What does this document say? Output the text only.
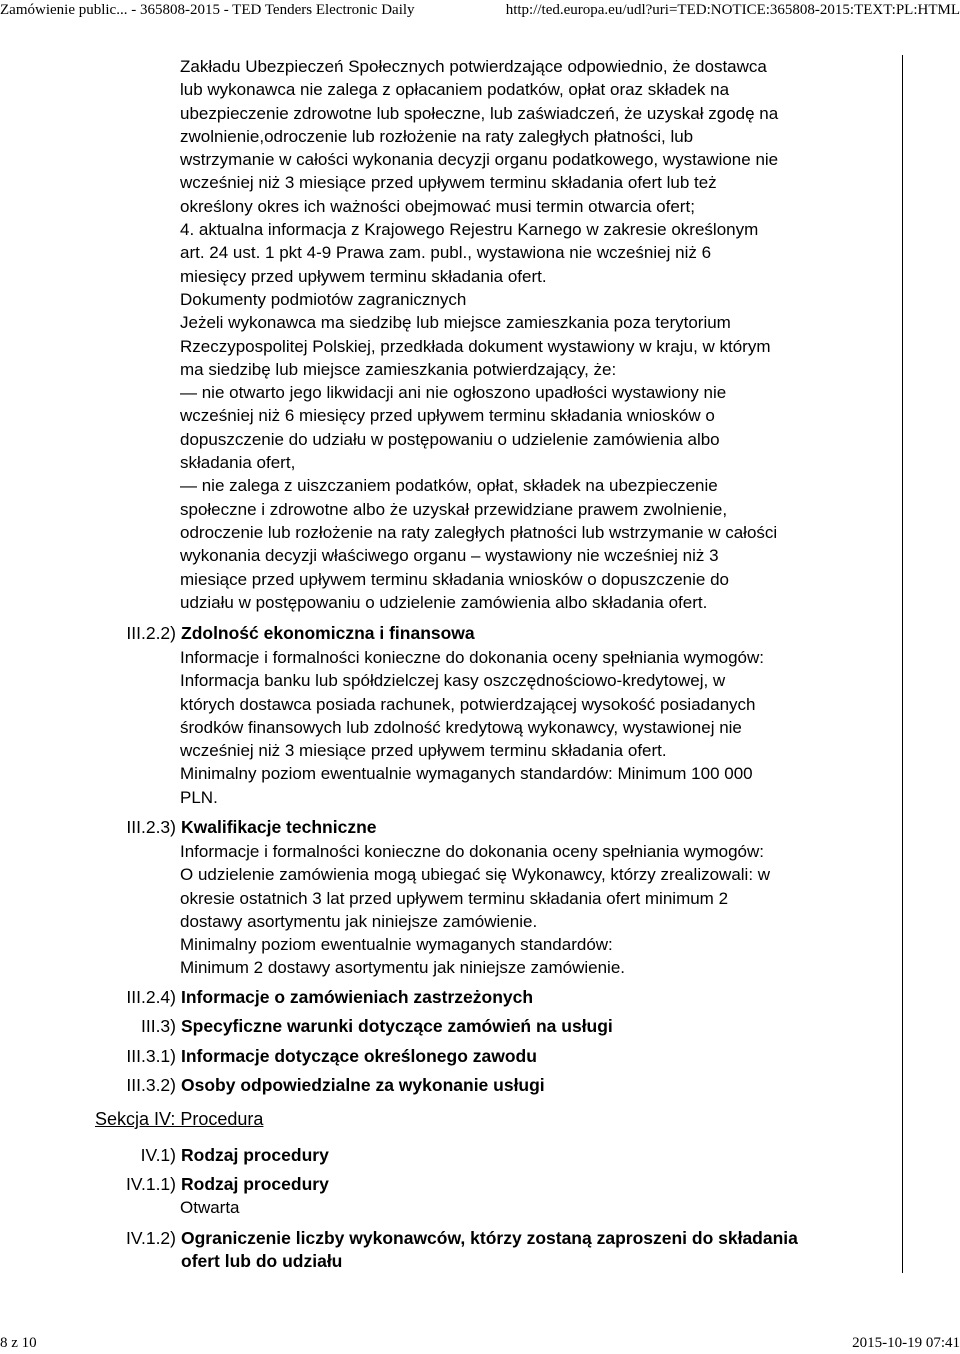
Zamówienie public... - 365808-2015 - TED Tenders Electronic Daily	http://ted.europa.eu/udl?uri=TED:NOTICE:365808-2015:TEXT:PL:HTML
Zakładu Ubezpieczeń Społecznych potwierdzające odpowiednio, że dostawca
lub wykonawca nie zalega z opłacaniem podatków, opłat oraz składek na
ubezpieczenie zdrowotne lub społeczne, lub zaświadczeń, że uzyskał zgodę na
zwolnienie,odroczenie lub rozłożenie na raty zaległych płatności, lub
wstrzymanie w całości wykonania decyzji organu podatkowego, wystawione nie
wcześniej niż 3 miesiące przed upływem terminu składania ofert lub też
określony okres ich ważności obejmować musi termin otwarcia ofert;
4. aktualna informacja z Krajowego Rejestru Karnego w zakresie określonym
art. 24 ust. 1 pkt 4-9 Prawa zam. publ., wystawiona nie wcześniej niż 6
miesięcy przed upływem terminu składania ofert.
Dokumenty podmiotów zagranicznych
Jeżeli wykonawca ma siedzibę lub miejsce zamieszkania poza terytorium
Rzeczypospolitej Polskiej, przedkłada dokument wystawiony w kraju, w którym
ma siedzibę lub miejsce zamieszkania potwierdzający, że:
— nie otwarto jego likwidacji ani nie ogłoszono upadłości wystawiony nie
wcześniej niż 6 miesięcy przed upływem terminu składania wniosków o
dopuszczenie do udziału w postępowaniu o udzielenie zamówienia albo
składania ofert,
— nie zalega z uiszczaniem podatków, opłat, składek na ubezpieczenie
społeczne i zdrowotne albo że uzyskał przewidziane prawem zwolnienie,
odroczenie lub rozłożenie na raty zaległych płatności lub wstrzymanie w całości
wykonania decyzji właściwego organu – wystawiony nie wcześniej niż 3
miesiące przed upływem terminu składania wniosków o dopuszczenie do
udziału w postępowaniu o udzielenie zamówienia albo składania ofert.
III.2.2) Zdolność ekonomiczna i finansowa
Informacje i formalności konieczne do dokonania oceny spełniania wymogów:
Informacja banku lub spółdzielczej kasy oszczędnościowo-kredytowej, w
których dostawca posiada rachunek, potwierdzającej wysokość posiadanych
środków finansowych lub zdolność kredytową wykonawcy, wystawionej nie
wcześniej niż 3 miesiące przed upływem terminu składania ofert.
Minimalny poziom ewentualnie wymaganych standardów: Minimum 100 000
PLN.
III.2.3) Kwalifikacje techniczne
Informacje i formalności konieczne do dokonania oceny spełniania wymogów:
O udzielenie zamówienia mogą ubiegać się Wykonawcy, którzy zrealizowali: w
okresie ostatnich 3 lat przed upływem terminu składania ofert minimum 2
dostawy asortymentu jak niniejsze zamówienie.
Minimalny poziom ewentualnie wymaganych standardów:
Minimum 2 dostawy asortymentu jak niniejsze zamówienie.
III.2.4) Informacje o zamówieniach zastrzeżonych
III.3) Specyficzne warunki dotyczące zamówień na usługi
III.3.1) Informacje dotyczące określonego zawodu
III.3.2) Osoby odpowiedzialne za wykonanie usługi
Sekcja IV: Procedura
IV.1) Rodzaj procedury
IV.1.1) Rodzaj procedury
Otwarta
IV.1.2) Ograniczenie liczby wykonawców, którzy zostaną zaproszeni do składania
ofert lub do udziału
8 z 10	2015-10-19 07:41
